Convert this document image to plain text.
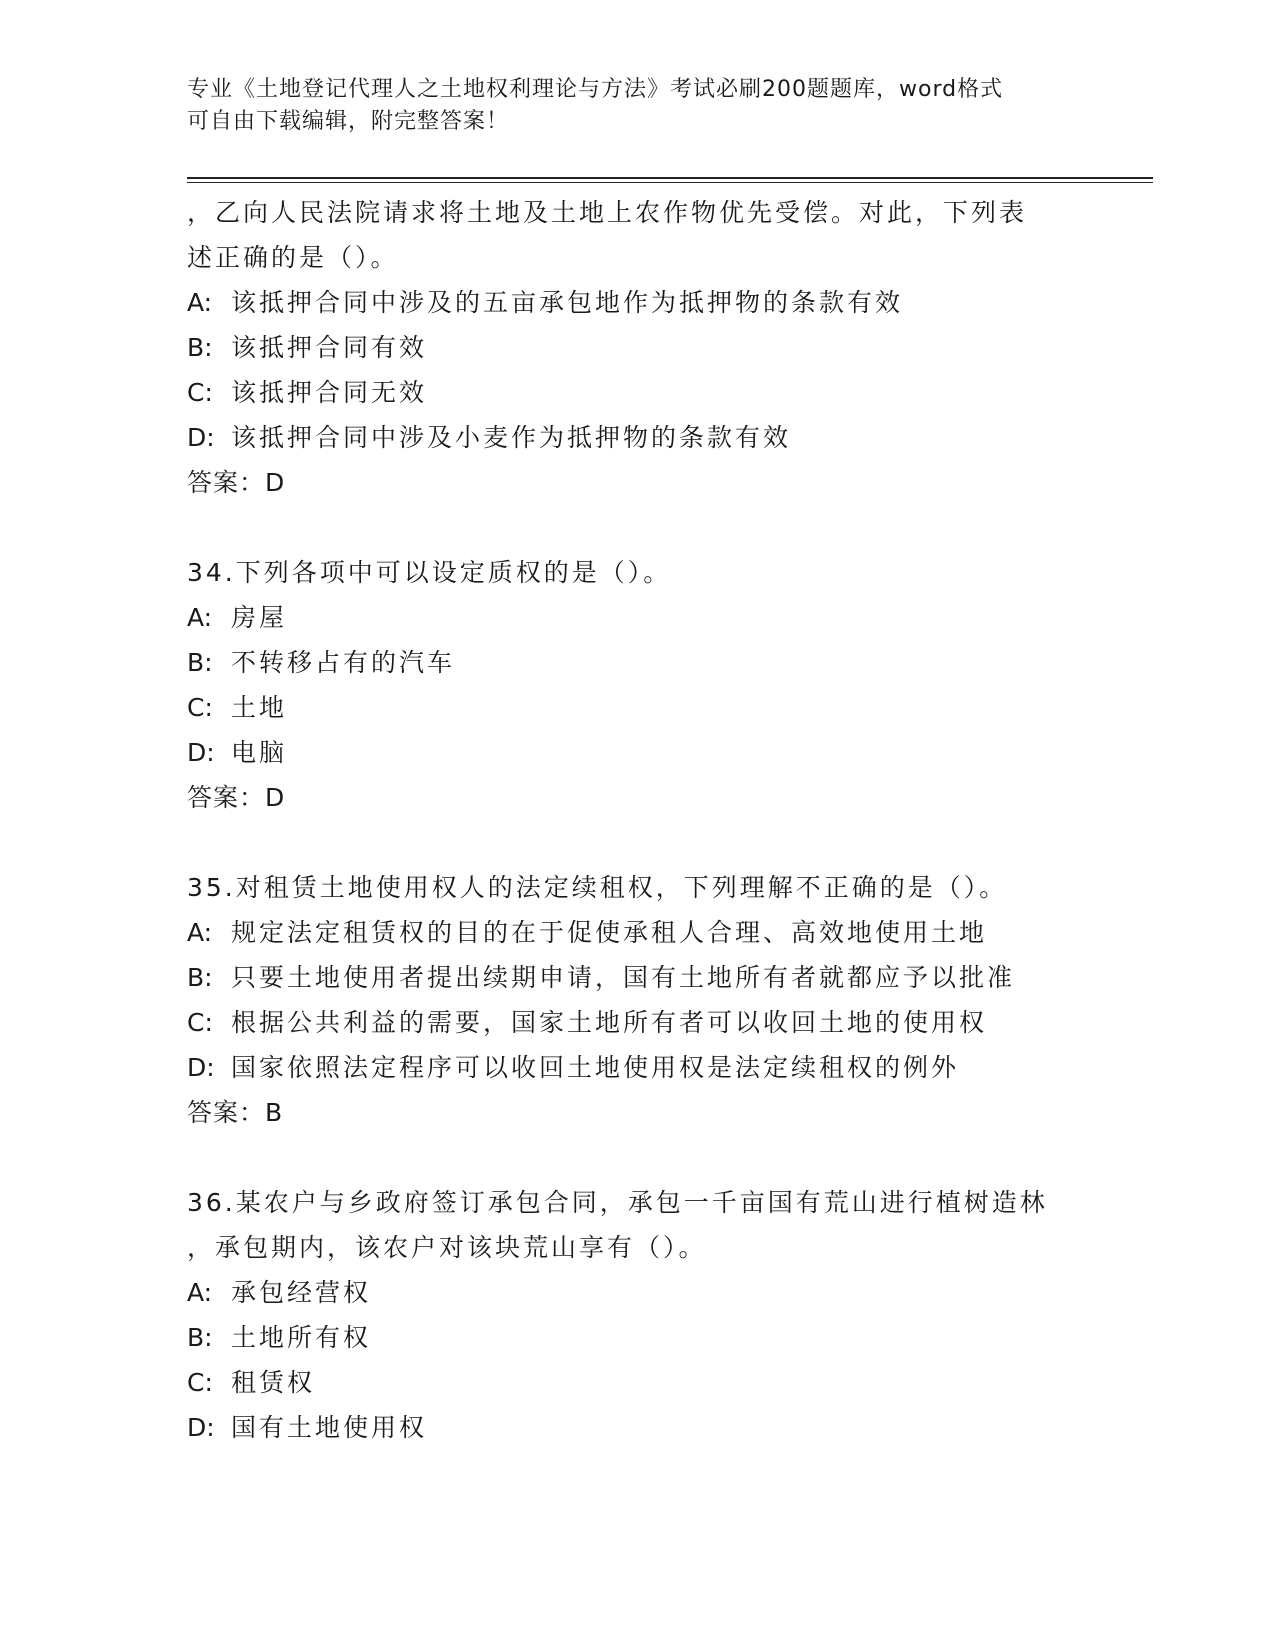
专业《土地登记代理人之土地权利理论与方法》考试必刷200题题库，word格式
可自由下载编辑，附完整答案！
，乙向人民法院请求将土地及土地上农作物优先受偿。对此，下列表
述正确的是（）。
A: 该抵押合同中涉及的五亩承包地作为抵押物的条款有效
B: 该抵押合同有效
C: 该抵押合同无效
D: 该抵押合同中涉及小麦作为抵押物的条款有效
答案：D
34.下列各项中可以设定质权的是（）。
A: 房屋
B: 不转移占有的汽车
C: 土地
D: 电脑
答案：D
35.对租赁土地使用权人的法定续租权，下列理解不正确的是（）。
A: 规定法定租赁权的目的在于促使承租人合理、高效地使用土地
B: 只要土地使用者提出续期申请，国有土地所有者就都应予以批准
C: 根据公共利益的需要，国家土地所有者可以收回土地的使用权
D: 国家依照法定程序可以收回土地使用权是法定续租权的例外
答案：B
36.某农户与乡政府签订承包合同，承包一千亩国有荒山进行植树造林
，承包期内，该农户对该块荒山享有（）。
A: 承包经营权
B: 土地所有权
C: 租赁权
D: 国有土地使用权
